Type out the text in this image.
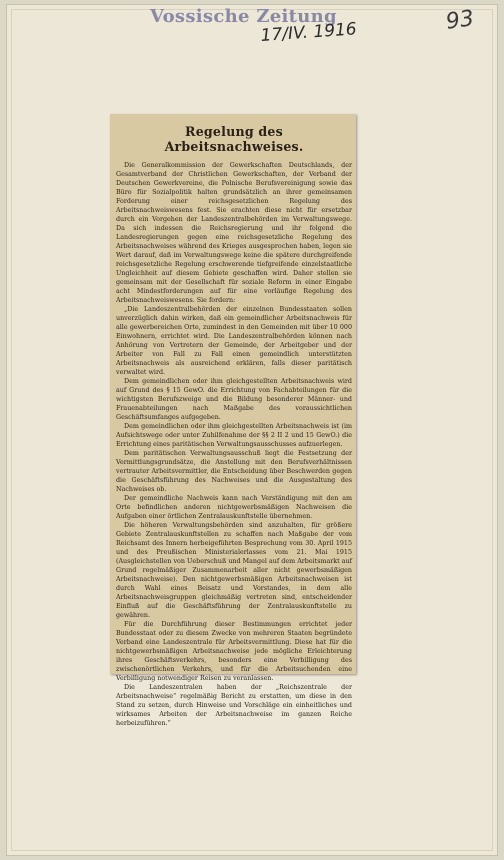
Vossische Zeitung
17/IV. 1916	93
Regelung des Arbeitsnachweises.

Die Generalkommission der Gewerkschaften Deutschlands, der Gesamtverband der Christlichen Gewerkschaften, der Verband der Deutschen Gewerkvereine, die Polnische Berufsvereinigung sowie das Büro für Sozialpolitik halten grundsätzlich an ihrer gemeinsamen Forderung einer reichsgesetzlichen Regelung des Arbeitsnachweiswesens fest. Sie erachten diese nicht für ersetzbar durch ein Vorgehen der Landeszentralbehörden im Verwaltungswege. Da sich indessen die Reichsregierung und ihr folgend die Landesregierungen gegen eine reichsgesetzliche Regelung des Arbeitsnachweises während des Krieges ausgesprochen haben, legen sie Wert darauf, daß im Verwaltungswege keine die spätere durchgreifende reichsgesetzliche Regelung erschwerende tiefgreifende einzelstaatliche Ungleichheit auf diesem Gebiete geschaffen wird. Daher stellen sie gemeinsam mit der Gesellschaft für soziale Reform in einer Eingabe acht Mindestforderungen auf für eine vorläufige Regelung des Arbeitsnachweiswesens. Sie fordern:

„Die Landeszentralbehörden der einzelnen Bundesstaaten sollen unverzüglich dahin wirken, daß ein gemeindlicher Arbeitsnachweis für alle gewerbereichen Orte, zumindest in den Gemeinden mit über 10 000 Einwohnern, errichtet wird. Die Landeszentralbehörden können nach Anhörung von Vertretern der Gemeinde, der Arbeitgeber und der Arbeiter von Fall zu Fall einen gemeindlich unterstützten Arbeitsnachweis als ausreichend erklären, falls dieser paritätisch verwaltet wird.

Dem gemeindlichen oder ihm gleichgestellten Arbeitsnachweis wird auf Grund des § 15 GewO. die Errichtung von Fachabteilungen für die wichtigsten Berufszweige und die Bildung besonderer Männer- und Frauenabteilungen nach Maßgabe des voraussichtlichen Geschäftsumfanges aufgegeben.

Dem gemeindlichen oder ihm gleichgestellten Arbeitsnachweis ist (im Aufsichtswege oder unter Zuhilfenahme der §§ 2 II 2 und 15 GewO.) die Errichtung eines paritätischen Verwaltungsausschusses aufzuerlegen.

Dem paritätischen Verwaltungsausschuß liegt die Festsetzung der Vermittlungsgrundsätze, die Anstellung mit den Berufsverhältnissen vertrauter Arbeitsvermittler, die Entscheidung über Beschwerden gegen die Geschäftsführung des Nachweises und die Ausgestaltung des Nachweises ob.

Der gemeindliche Nachweis kann nach Verständigung mit den am Orte befindlichen anderen nichtgewerbsmäßigen Nachweisen die Aufgaben einer örtlichen Zentralauskunftstelle übernehmen.

Die höheren Verwaltungsbehörden sind anzuhalten, für größere Gebiete Zentralauskunftstellen zu schaffen nach Maßgabe der vom Reichsamt des Innern herbeigeführten Besprechung vom 30. April 1915 und des Preußischen Ministerialerlasses vom 21. Mai 1915 (Ausgleichstellen von Ueberschuß und Mangel auf dem Arbeitsmarkt auf Grund regelmäßiger Zusammenarbeit aller nicht gewerbsmäßigen Arbeitsnachweise). Den nichtgewerbsmäßigen Arbeitsnachweisen ist durch Wahl eines Beisatz und Vorstandes, in dem alle Arbeitsnachweisgruppen gleichmäßig vertreten sind, entscheidender Einfluß auf die Geschäftsführung der Zentralauskunftstelle zu gewähren.

Für die Durchführung dieser Bestimmungen errichtet jeder Bundesstaat oder zu diesem Zwecke von mehreren Staaten begründete Verband eine Landeszentrale für Arbeitsvermittlung. Diese hat für die nichtgewerbsmäßigen Arbeitsnachweise jede mögliche Erleichterung ihres Geschäftsverkehrs, besonders eine Verbilligung des zwischenörtlichen Verkehrs, und für die Arbeitsuchenden eine Verbilligung notwendiger Reisen zu veranlassen.

Die Landeszentralen haben der „Reichszentrale der Arbeitsnachweise“ regelmäßig Bericht zu erstatten, um diese in den Stand zu setzen, durch Hinweise und Vorschläge ein einheitliches und wirksames Arbeiten der Arbeitsnachweise im ganzen Reiche herbeizuführen.“
